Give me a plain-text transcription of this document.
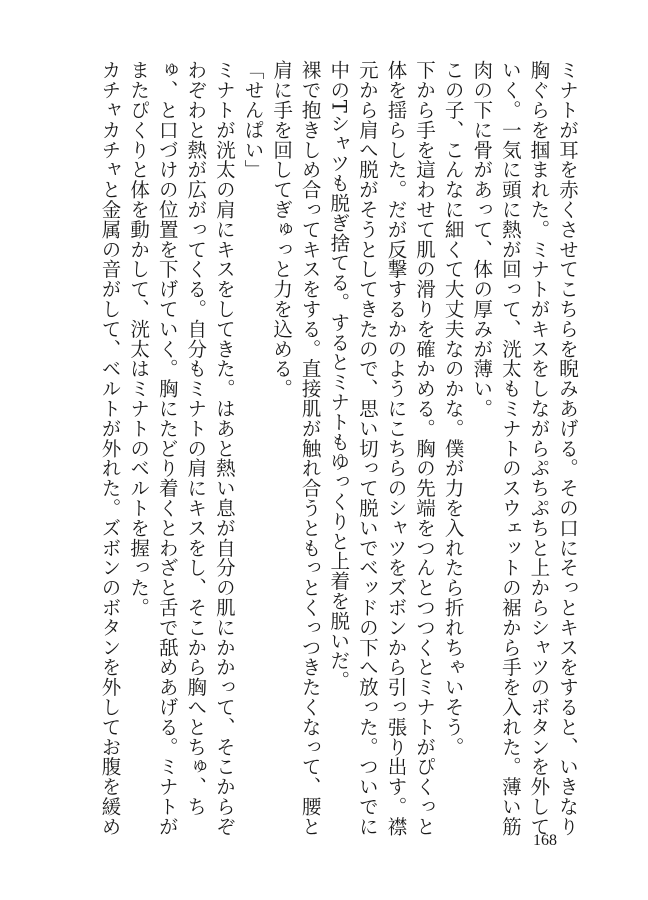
ミナトが耳を赤くさせてこちらを睨みあげる。その口にそっとキスをすると、いきなり胸ぐらを掴まれた。ミナトがキスをしながらぷちぷちと上からシャツのボタンを外していく。一気に頭に熱が回って、洸太もミナトのスウェットの裾から手を入れた。薄い筋肉の下に骨があって、体の厚みが薄い。

この子、こんなに細くて大丈夫なのかな。僕が力を入れたら折れちゃいそう。

下から手を這わせて肌の滑りを確かめる。胸の先端をつんとつつくとミナトがぴくっと体を揺らした。だが反撃するかのようにこちらのシャツをズボンから引っ張り出す。襟元から肩へ脱がそうとしてきたので、思い切って脱いでベッドの下へ放った。ついでに中のTシャツも脱ぎ捨てる。するとミナトもゆっくりと上着を脱いだ。

裸で抱きしめ合ってキスをする。直接肌が触れ合うともっとくっつきたくなって、腰と肩に手を回してぎゅっと力を込める。

「せんぱい」

ミナトが洸太の肩にキスをしてきた。はあと熱い息が自分の肌にかかって、そこからぞわぞわと熱が広がってくる。自分もミナトの肩にキスをし、そこから胸へとちゅ、ちゅ、と口づけの位置を下げていく。胸にたどり着くとわざと舌で舐めあげる。ミナトがまたぴくりと体を動かして、洸太はミナトのベルトを握った。

カチャカチャと金属の音がして、ベルトが外れた。ズボンのボタンを外してお腹を緩め

168
